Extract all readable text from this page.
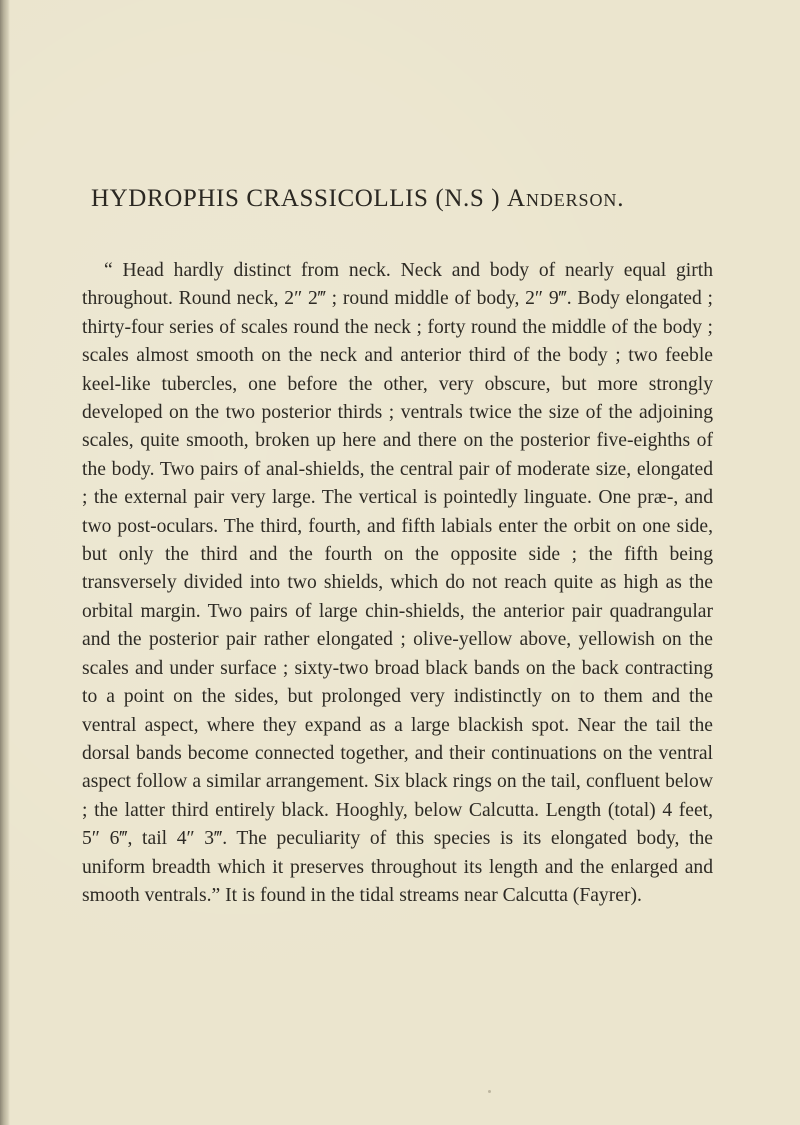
HYDROPHIS CRASSICOLLIS (N.S ) Anderson.

“ Head hardly distinct from neck. Neck and body of nearly equal girth throughout. Round neck, 2″ 2‴ ; round middle of body, 2″ 9‴. Body elongated ; thirty-four series of scales round the neck ; forty round the middle of the body ; scales almost smooth on the neck and anterior third of the body ; two feeble keel-like tubercles, one before the other, very obscure, but more strongly developed on the two posterior thirds ; ventrals twice the size of the adjoining scales, quite smooth, broken up here and there on the posterior five-eighths of the body. Two pairs of anal-shields, the central pair of moderate size, elongated ; the external pair very large. The vertical is pointedly linguate. One præ-, and two post-oculars. The third, fourth, and fifth labials enter the orbit on one side, but only the third and the fourth on the opposite side ; the fifth being transversely divided into two shields, which do not reach quite as high as the orbital margin. Two pairs of large chin-shields, the anterior pair quadrangular and the posterior pair rather elongated ; olive-yellow above, yellowish on the scales and under surface ; sixty-two broad black bands on the back contracting to a point on the sides, but prolonged very indistinctly on to them and the ventral aspect, where they expand as a large blackish spot. Near the tail the dorsal bands become connected together, and their continuations on the ventral aspect follow a similar arrangement. Six black rings on the tail, confluent below ; the latter third entirely black. Hooghly, below Calcutta. Length (total) 4 feet, 5″ 6‴, tail 4″ 3‴. The peculiarity of this species is its elongated body, the uniform breadth which it preserves throughout its length and the enlarged and smooth ventrals.” It is found in the tidal streams near Calcutta (Fayrer).
